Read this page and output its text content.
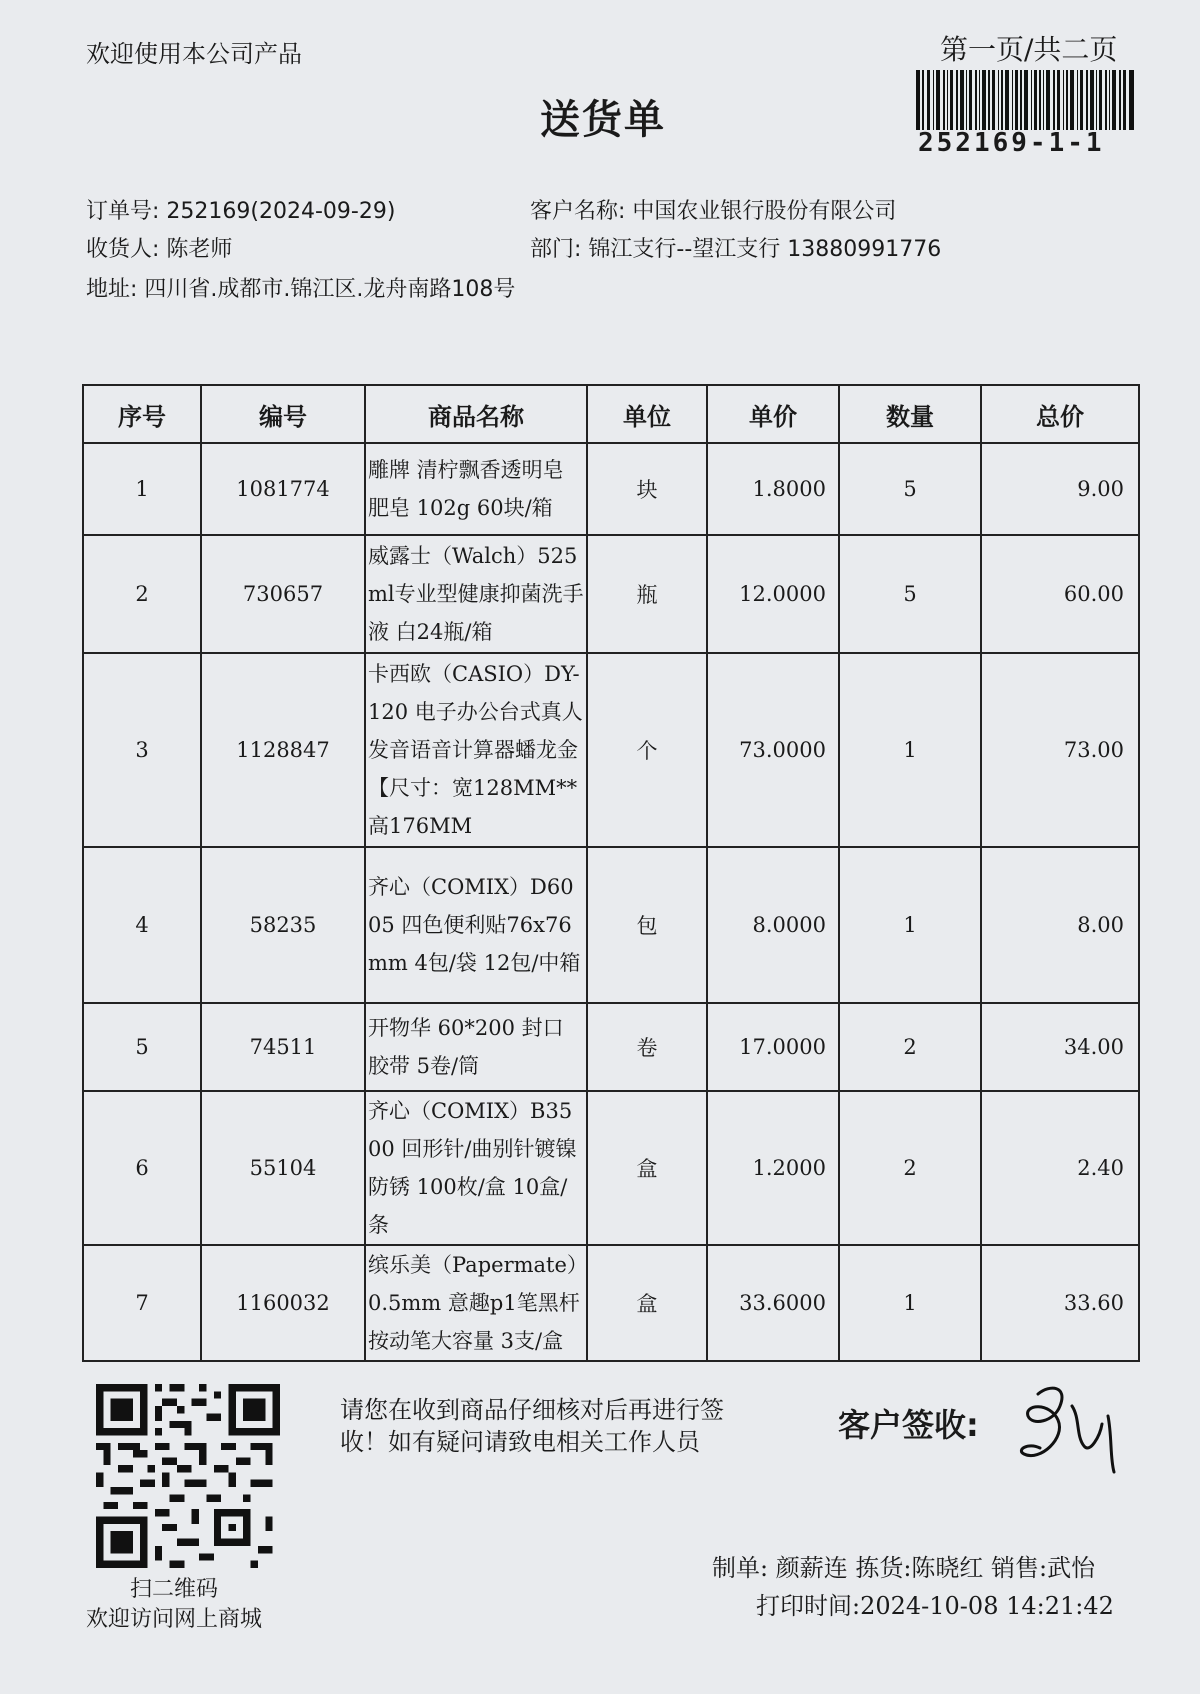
欢迎使用本公司产品	第一页/共二页
送货单	252169-1-1
订单号: 252169(2024-09-29)
收货人: 陈老师
地址: 四川省.成都市.锦江区.龙舟南路108号
客户名称: 中国农业银行股份有限公司
部门: 锦江支行--望江支行 13880991776
序号	编号	商品名称	单位	单价	数量	总价
1	1081774	雕牌 清柠飘香透明皂肥皂 102g 60块/箱	块	1.8000	5	9.00
2	730657	威露士（Walch）525ml专业型健康抑菌洗手液 白24瓶/箱	瓶	12.0000	5	60.00
3	1128847	卡西欧（CASIO）DY-120 电子办公台式真人发音语音计算器蟠龙金【尺寸：宽128MM**高176MM	个	73.0000	1	73.00
4	58235	齐心（COMIX）D6005 四色便利贴76x76mm 4包/袋 12包/中箱	包	8.0000	1	8.00
5	74511	开物华 60*200 封口胶带 5卷/筒	卷	17.0000	2	34.00
6	55104	齐心（COMIX）B3500 回形针/曲别针镀镍防锈 100枚/盒 10盒/条	盒	1.2000	2	2.40
7	1160032	缤乐美（Papermate）0.5mm 意趣p1笔黑杆按动笔大容量 3支/盒	盒	33.6000	1	33.60
扫二维码
欢迎访问网上商城
请您在收到商品仔细核对后再进行签收！如有疑问请致电相关工作人员	客户签收:
制单: 颜薪连 拣货:陈晓红 销售:武怡
打印时间:2024-10-08 14:21:42
